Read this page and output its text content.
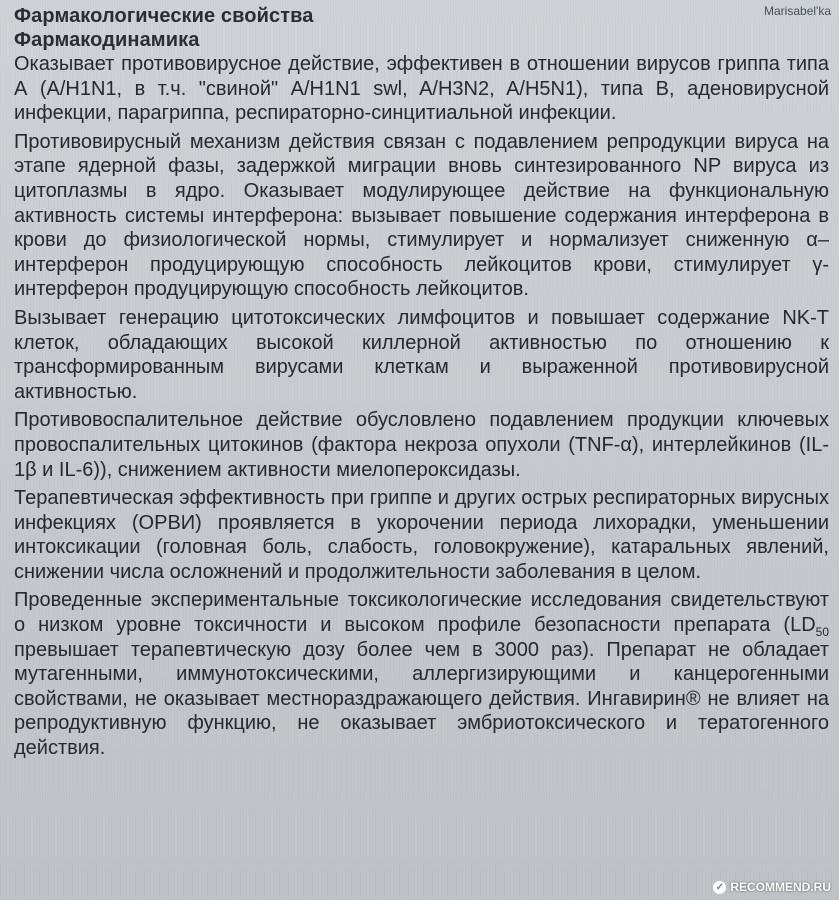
Marisabel'ka
Фармакологические свойства
Фармакодинамика

Оказывает противовирусное действие, эффективен в отношении вирусов гриппа типа А (A/H1N1, в т.ч. "свиной" A/H1N1 swl, A/H3N2, A/H5N1), типа В, аденовирусной инфекции, парагриппа, респираторно-синцитиальной инфекции.

Противовирусный механизм действия связан с подавлением репродукции вируса на этапе ядерной фазы, задержкой миграции вновь синтезированного NP вируса из цитоплазмы в ядро. Оказывает модулирующее действие на функциональную активность системы интерферона: вызывает повышение содержания интерферона в крови до физиологической нормы, стимулирует и нормализует сниженную α–интерферон продуцирующую способность лейкоцитов крови, стимулирует γ- интерферон продуцирующую способность лейкоцитов.

Вызывает генерацию цитотоксических лимфоцитов и повышает содержание NK-T клеток, обладающих высокой киллерной активностью по отношению к трансформированным вирусами клеткам и выраженной противовирусной активностью.

Противовоспалительное действие обусловлено подавлением продукции ключевых провоспалительных цитокинов (фактора некроза опухоли (TNF-α), интерлейкинов (IL-1β и IL-6)), снижением активности миелопероксидазы.

Терапевтическая эффективность при гриппе и других острых респираторных вирусных инфекциях (ОРВИ) проявляется в укорочении периода лихорадки, уменьшении интоксикации (головная боль, слабость, головокружение), катаральных явлений, снижении числа осложнений и продолжительности заболевания в целом.

Проведенные экспериментальные токсикологические исследования свидетельствуют о низком уровне токсичности и высоком профиле безопасности препарата ($LD_{50}$ превышает терапевтическую дозу более чем в 3000 раз). Препарат не обладает мутагенными, иммунотоксическими, аллергизирующими и канцерогенными свойствами, не оказывает местнораздражающего действия. Ингавирин® не влияет на репродуктивную функцию, не оказывает эмбриотоксического и тератогенного действия.

✓ RECOMMEND.RU
